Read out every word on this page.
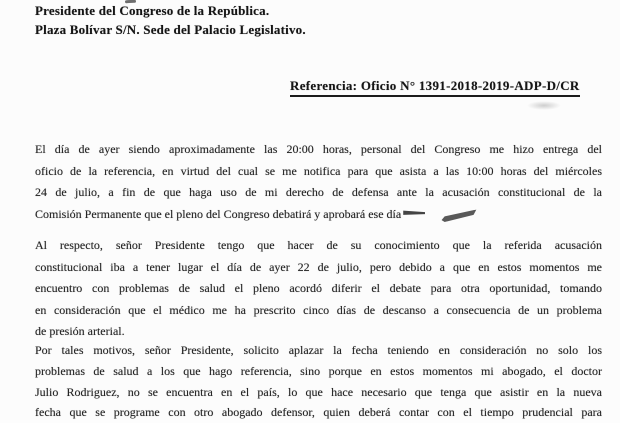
Presidente del Congreso de la República.
Plaza Bolívar S/N. Sede del Palacio Legislativo.
Referencia: Oficio N° 1391-2018-2019-ADP-D/CR
El día de ayer siendo aproximadamente las 20:00 horas, personal del Congreso me hizo entrega del
oficio de la referencia, en virtud del cual se me notifica para que asista a las 10:00 horas del miércoles
24 de julio, a fin de que haga uso de mi derecho de defensa ante la acusación constitucional de la
Comisión Permanente que el pleno del Congreso debatirá y aprobará ese día
Al respecto, señor Presidente tengo que hacer de su conocimiento que la referida acusación
constitucional iba a tener lugar el día de ayer 22 de julio, pero debido a que en estos momentos me
encuentro con problemas de salud el pleno acordó diferir el debate para otra oportunidad, tomando
en consideración que el médico me ha prescrito cinco días de descanso a consecuencia de un problema
de presión arterial.
Por tales motivos, señor Presidente, solicito aplazar la fecha teniendo en consideración no solo los
problemas de salud a los que hago referencia, sino porque en estos momentos mi abogado, el doctor
Julio Rodriguez, no se encuentra en el país, lo que hace necesario que tenga que asistir en la nueva
fecha que se programe con otro abogado defensor, quien deberá contar con el tiempo prudencial para
